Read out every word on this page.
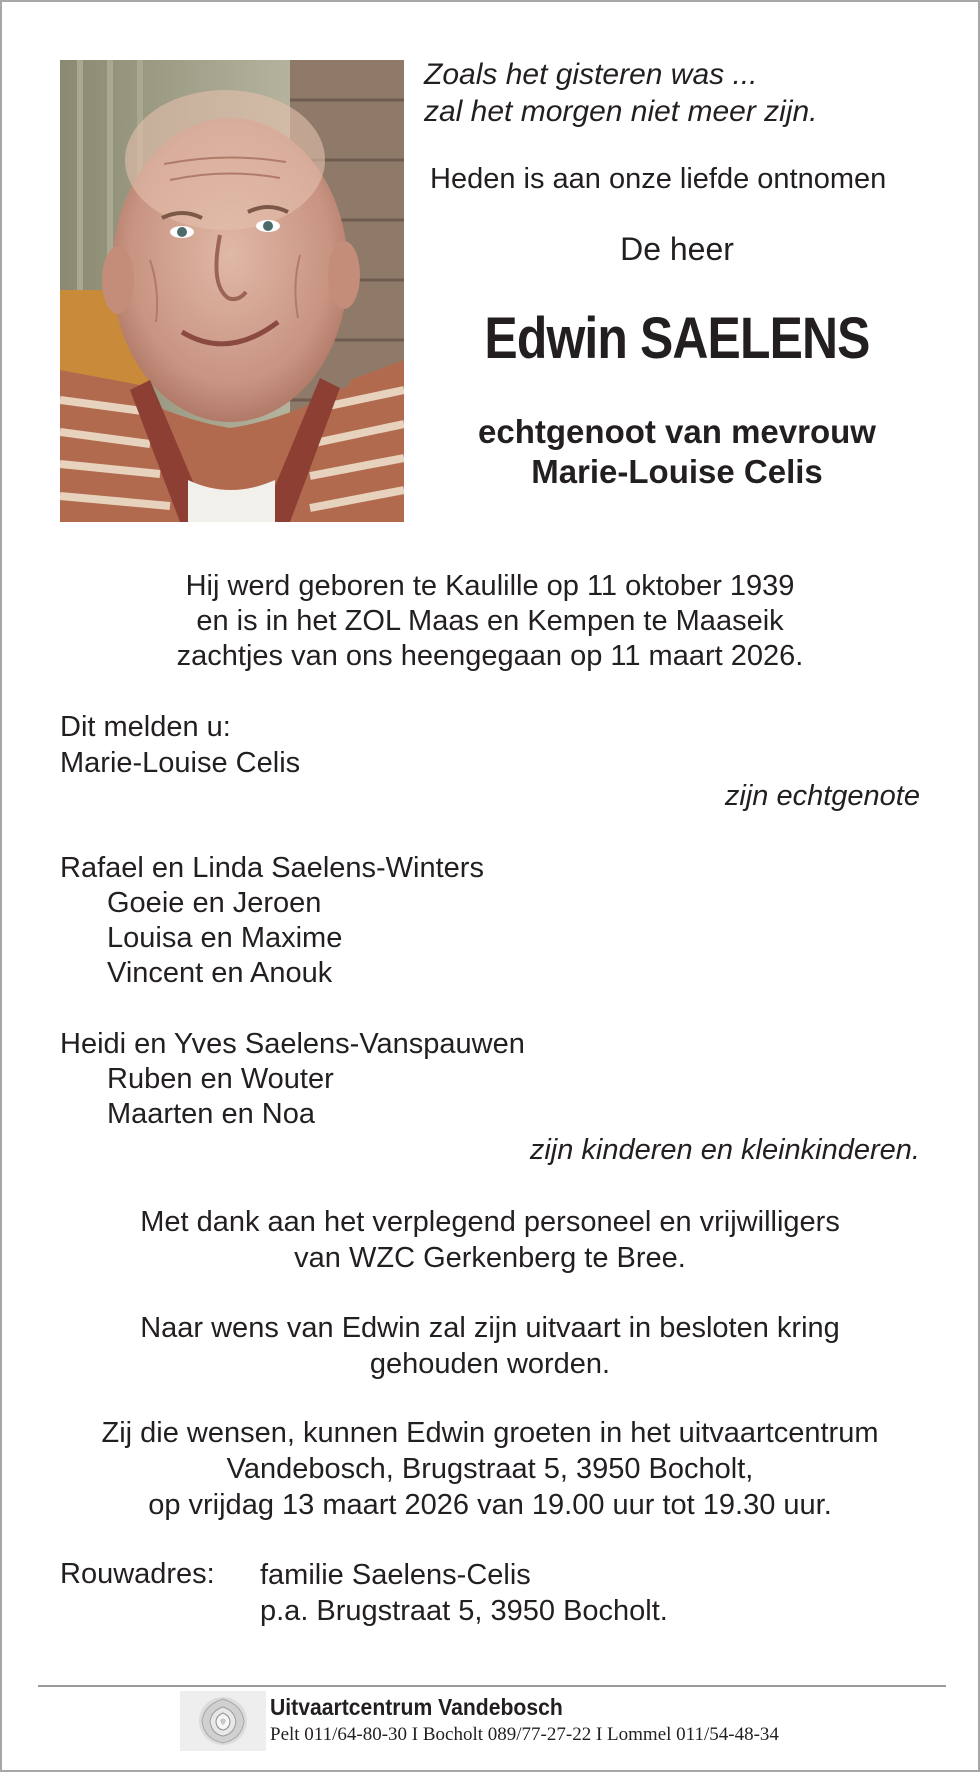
Zoals het gisteren was ...
zal het morgen niet meer zijn.
Heden is aan onze liefde ontnomen
De heer
Edwin SAELENS
echtgenoot van mevrouw
Marie-Louise Celis
Hij werd geboren te Kaulille op 11 oktober 1939
en is in het ZOL Maas en Kempen te Maaseik
zachtjes van ons heengegaan op 11 maart 2026.
Dit melden u:
Marie-Louise Celis
zijn echtgenote
Rafael en Linda Saelens-Winters
Goeie en Jeroen
Louisa en Maxime
Vincent en Anouk
Heidi en Yves Saelens-Vanspauwen
Ruben en Wouter
Maarten en Noa
zijn kinderen en kleinkinderen.
Met dank aan het verplegend personeel en vrijwilligers
van WZC Gerkenberg te Bree.
Naar wens van Edwin zal zijn uitvaart in besloten kring
gehouden worden.
Zij die wensen, kunnen Edwin groeten in het uitvaartcentrum
Vandebosch, Brugstraat 5, 3950 Bocholt,
op vrijdag 13 maart 2026 van 19.00 uur tot 19.30 uur.
Rouwadres: familie Saelens-Celis
p.a. Brugstraat 5, 3950 Bocholt.
Uitvaartcentrum Vandebosch
Pelt 011/64-80-30 I Bocholt 089/77-27-22 I Lommel 011/54-48-34
